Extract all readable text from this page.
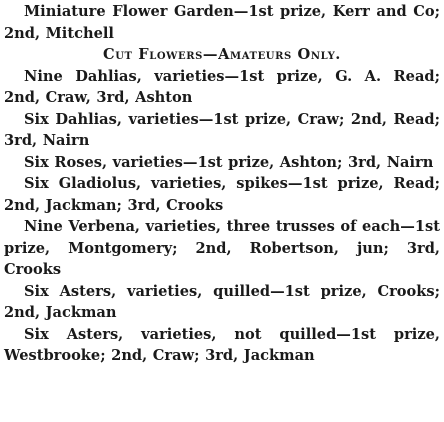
Miniature Flower Garden—1st prize, Kerr and Co; 2nd, Mitchell

Cut Flowers—Amateurs Only.

Nine Dahlias, varieties—1st prize, G. A. Read; 2nd, Craw, 3rd, Ashton

Six Dahlias, varieties—1st prize, Craw; 2nd, Read; 3rd, Nairn

Six Roses, varieties—1st prize, Ashton; 3rd, Nairn

Six Gladiolus, varieties, spikes—1st prize, Read; 2nd, Jackman; 3rd, Crooks

Nine Verbena, varieties, three trusses of each—1st prize, Montgomery; 2nd, Robertson, jun; 3rd, Crooks

Six Asters, varieties, quilled—1st prize, Crooks; 2nd, Jackman

Six Asters, varieties, not quilled—1st prize, Westbrooke; 2nd, Craw; 3rd, Jackman
